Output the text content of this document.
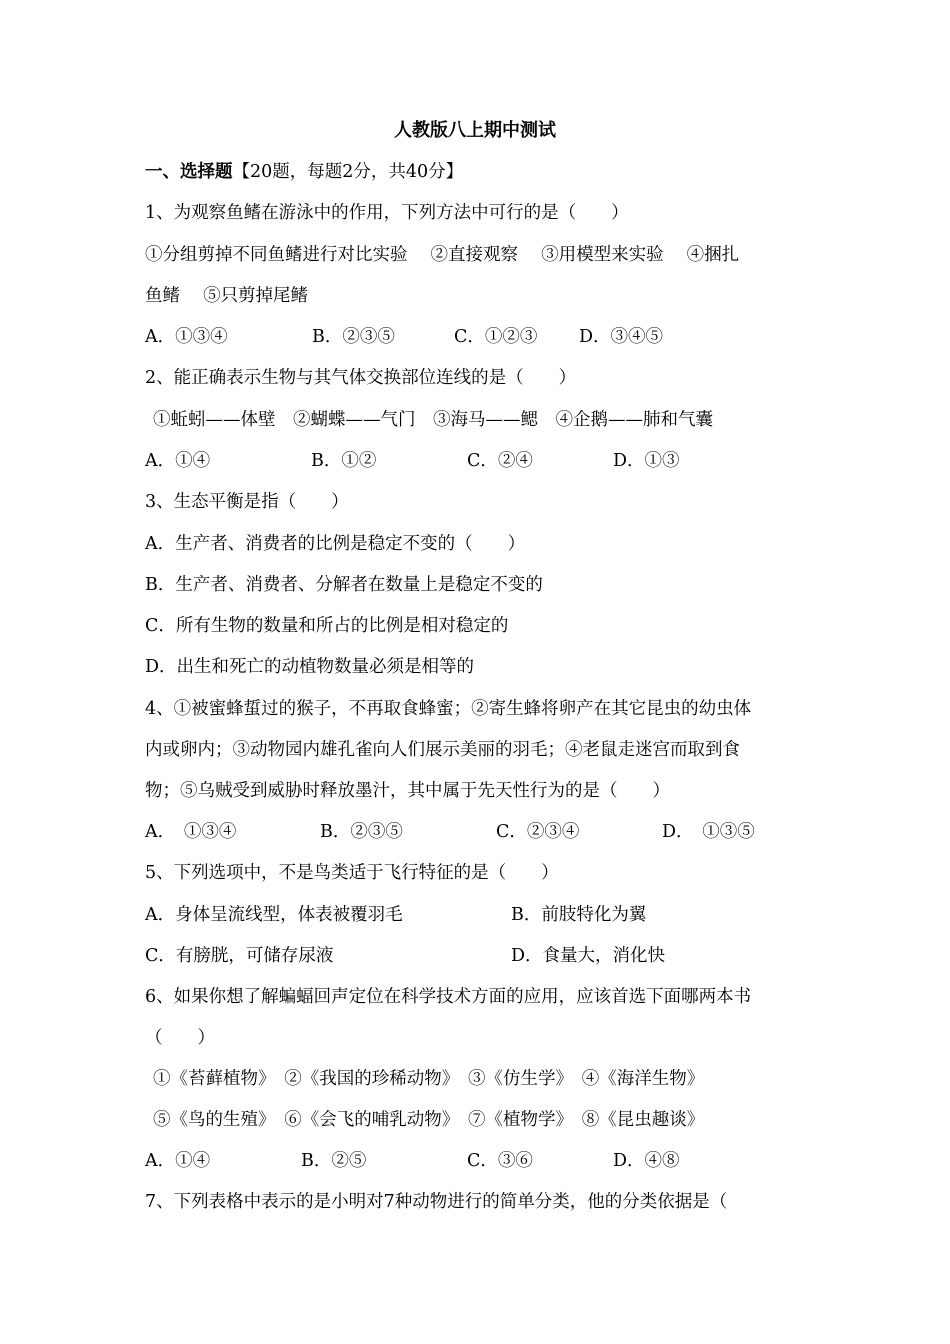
人教版八上期中测试
一、选择题【20题，每题2分，共40分】
1、为观察鱼鳍在游泳中的作用，下列方法中可行的是（　　）
①分组剪掉不同鱼鳍进行对比实验　 ②直接观察　 ③用模型来实验　 ④捆扎
鱼鳍　 ⑤只剪掉尾鳍
A．①③④	B．②③⑤	C．①②③ D．③④⑤
2、能正确表示生物与其气体交换部位连线的是（　　）
①蚯蚓——体壁　②蝴蝶——气门　③海马——鳃　④企鹅——肺和气囊
A．①④	B．①②	C．②④	D．①③
3、生态平衡是指（　　）
A．生产者、消费者的比例是稳定不变的（　　）
B．生产者、消费者、分解者在数量上是稳定不变的
C．所有生物的数量和所占的比例是相对稳定的
D．出生和死亡的动植物数量必须是相等的
4、①被蜜蜂蜇过的猴子，不再取食蜂蜜；②寄生蜂将卵产在其它昆虫的幼虫体
内或卵内；③动物园内雄孔雀向人们展示美丽的羽毛；④老鼠走迷宫而取到食
物；⑤乌贼受到威胁时释放墨汁，其中属于先天性行为的是（　　）
A．　①③④	B．②③⑤	C．②③④	D．　①③⑤
5、下列选项中，不是鸟类适于飞行特征的是（　　）
A．身体呈流线型，体表被覆羽毛	B．前肢特化为翼
C．有膀胱，可储存尿液	D．食量大，消化快
6、如果你想了解蝙蝠回声定位在科学技术方面的应用，应该首选下面哪两本书
（　　）
①《苔藓植物》　②《我国的珍稀动物》　③《仿生学》　④《海洋生物》
⑤《鸟的生殖》　⑥《会飞的哺乳动物》　⑦《植物学》　⑧《昆虫趣谈》
A．①④	B．②⑤	C．③⑥	D．④⑧
7、下列表格中表示的是小明对7种动物进行的简单分类，他的分类依据是（
